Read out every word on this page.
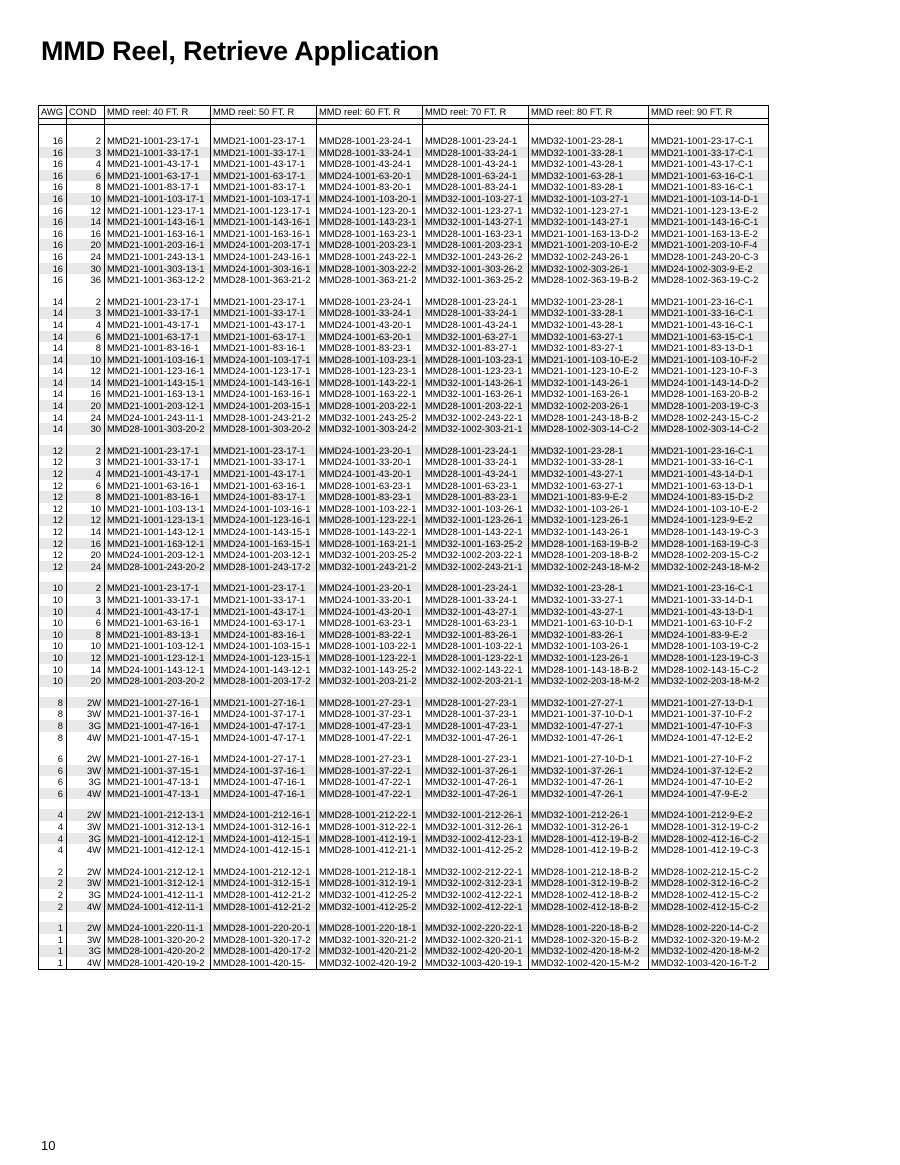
MMD Reel, Retrieve Application
AWG	COND	MMD reel: 40 FT. R	MMD reel: 50 FT. R	MMD reel: 60 FT. R	MMD reel: 70 FT. R	MMD reel: 80 FT. R	MMD reel: 90 FT. R

16	2	MMD21-1001-23-17-1	MMD21-1001-23-17-1	MMD28-1001-23-24-1	MMD28-1001-23-24-1	MMD32-1001-23-28-1	MMD21-1001-23-17-C-1
16	3	MMD21-1001-33-17-1	MMD21-1001-33-17-1	MMD28-1001-33-24-1	MMD28-1001-33-24-1	MMD32-1001-33-28-1	MMD21-1001-33-17-C-1
16	4	MMD21-1001-43-17-1	MMD21-1001-43-17-1	MMD28-1001-43-24-1	MMD28-1001-43-24-1	MMD32-1001-43-28-1	MMD21-1001-43-17-C-1
16	6	MMD21-1001-63-17-1	MMD21-1001-63-17-1	MMD24-1001-63-20-1	MMD28-1001-63-24-1	MMD32-1001-63-28-1	MMD21-1001-63-16-C-1
16	8	MMD21-1001-83-17-1	MMD21-1001-83-17-1	MMD24-1001-83-20-1	MMD28-1001-83-24-1	MMD32-1001-83-28-1	MMD21-1001-83-16-C-1
16	10	MMD21-1001-103-17-1	MMD21-1001-103-17-1	MMD24-1001-103-20-1	MMD32-1001-103-27-1	MMD32-1001-103-27-1	MMD21-1001-103-14-D-1
16	12	MMD21-1001-123-17-1	MMD21-1001-123-17-1	MMD24-1001-123-20-1	MMD32-1001-123-27-1	MMD32-1001-123-27-1	MMD21-1001-123-13-E-2
16	14	MMD21-1001-143-16-1	MMD21-1001-143-16-1	MMD28-1001-143-23-1	MMD32-1001-143-27-1	MMD32-1001-143-27-1	MMD21-1001-143-16-C-1
16	16	MMD21-1001-163-16-1	MMD21-1001-163-16-1	MMD28-1001-163-23-1	MMD28-1001-163-23-1	MMD21-1001-163-13-D-2	MMD21-1001-163-13-E-2
16	20	MMD21-1001-203-16-1	MMD24-1001-203-17-1	MMD28-1001-203-23-1	MMD28-1001-203-23-1	MMD21-1001-203-10-E-2	MMD21-1001-203-10-F-4
16	24	MMD21-1001-243-13-1	MMD24-1001-243-16-1	MMD28-1001-243-22-1	MMD32-1001-243-26-2	MMD32-1002-243-26-1	MMD28-1001-243-20-C-3
16	30	MMD21-1001-303-13-1	MMD24-1001-303-16-1	MMD28-1001-303-22-2	MMD32-1001-303-26-2	MMD32-1002-303-26-1	MMD24-1002-303-9-E-2
16	36	MMD21-1001-363-12-2	MMD28-1001-363-21-2	MMD28-1001-363-21-2	MMD32-1001-363-25-2	MMD28-1002-363-19-B-2	MMD28-1002-363-19-C-2

14	2	MMD21-1001-23-17-1	MMD21-1001-23-17-1	MMD28-1001-23-24-1	MMD28-1001-23-24-1	MMD32-1001-23-28-1	MMD21-1001-23-16-C-1
14	3	MMD21-1001-33-17-1	MMD21-1001-33-17-1	MMD28-1001-33-24-1	MMD28-1001-33-24-1	MMD32-1001-33-28-1	MMD21-1001-33-16-C-1
14	4	MMD21-1001-43-17-1	MMD21-1001-43-17-1	MMD24-1001-43-20-1	MMD28-1001-43-24-1	MMD32-1001-43-28-1	MMD21-1001-43-16-C-1
14	6	MMD21-1001-63-17-1	MMD21-1001-63-17-1	MMD24-1001-63-20-1	MMD32-1001-63-27-1	MMD32-1001-63-27-1	MMD21-1001-63-15-C-1
14	8	MMD21-1001-83-16-1	MMD21-1001-83-16-1	MMD28-1001-83-23-1	MMD32-1001-83-27-1	MMD32-1001-83-27-1	MMD21-1001-83-13-D-1
14	10	MMD21-1001-103-16-1	MMD24-1001-103-17-1	MMD28-1001-103-23-1	MMD28-1001-103-23-1	MMD21-1001-103-10-E-2	MMD21-1001-103-10-F-2
14	12	MMD21-1001-123-16-1	MMD24-1001-123-17-1	MMD28-1001-123-23-1	MMD28-1001-123-23-1	MMD21-1001-123-10-E-2	MMD21-1001-123-10-F-3
14	14	MMD21-1001-143-15-1	MMD24-1001-143-16-1	MMD28-1001-143-22-1	MMD32-1001-143-26-1	MMD32-1001-143-26-1	MMD24-1001-143-14-D-2
14	16	MMD21-1001-163-13-1	MMD24-1001-163-16-1	MMD28-1001-163-22-1	MMD32-1001-163-26-1	MMD32-1001-163-26-1	MMD28-1001-163-20-B-2
14	20	MMD21-1001-203-12-1	MMD24-1001-203-15-1	MMD28-1001-203-22-1	MMD28-1001-203-22-1	MMD32-1002-203-26-1	MMD28-1001-203-19-C-3
14	24	MMD24-1001-243-11-1	MMD28-1001-243-21-2	MMD32-1001-243-25-2	MMD32-1002-243-22-1	MMD28-1001-243-18-B-2	MMD28-1002-243-15-C-2
14	30	MMD28-1001-303-20-2	MMD28-1001-303-20-2	MMD32-1001-303-24-2	MMD32-1002-303-21-1	MMD28-1002-303-14-C-2	MMD28-1002-303-14-C-2

12	2	MMD21-1001-23-17-1	MMD21-1001-23-17-1	MMD24-1001-23-20-1	MMD28-1001-23-24-1	MMD32-1001-23-28-1	MMD21-1001-23-16-C-1
12	3	MMD21-1001-33-17-1	MMD21-1001-33-17-1	MMD24-1001-33-20-1	MMD28-1001-33-24-1	MMD32-1001-33-28-1	MMD21-1001-33-16-C-1
12	4	MMD21-1001-43-17-1	MMD21-1001-43-17-1	MMD24-1001-43-20-1	MMD28-1001-43-24-1	MMD32-1001-43-27-1	MMD21-1001-43-14-D-1
12	6	MMD21-1001-63-16-1	MMD21-1001-63-16-1	MMD28-1001-63-23-1	MMD28-1001-63-23-1	MMD32-1001-63-27-1	MMD21-1001-63-13-D-1
12	8	MMD21-1001-83-16-1	MMD24-1001-83-17-1	MMD28-1001-83-23-1	MMD28-1001-83-23-1	MMD21-1001-83-9-E-2	MMD24-1001-83-15-D-2
12	10	MMD21-1001-103-13-1	MMD24-1001-103-16-1	MMD28-1001-103-22-1	MMD32-1001-103-26-1	MMD32-1001-103-26-1	MMD24-1001-103-10-E-2
12	12	MMD21-1001-123-13-1	MMD24-1001-123-16-1	MMD28-1001-123-22-1	MMD32-1001-123-26-1	MMD32-1001-123-26-1	MMD24-1001-123-9-E-2
12	14	MMD21-1001-143-12-1	MMD24-1001-143-15-1	MMD28-1001-143-22-1	MMD28-1001-143-22-1	MMD32-1001-143-26-1	MMD28-1001-143-19-C-3
12	16	MMD21-1001-163-12-1	MMD24-1001-163-15-1	MMD28-1001-163-21-1	MMD32-1001-163-25-2	MMD28-1001-163-19-B-2	MMD28-1001-163-19-C-3
12	20	MMD24-1001-203-12-1	MMD24-1001-203-12-1	MMD32-1001-203-25-2	MMD32-1002-203-22-1	MMD28-1001-203-18-B-2	MMD28-1002-203-15-C-2
12	24	MMD28-1001-243-20-2	MMD28-1001-243-17-2	MMD32-1001-243-21-2	MMD32-1002-243-21-1	MMD32-1002-243-18-M-2	MMD32-1002-243-18-M-2

10	2	MMD21-1001-23-17-1	MMD21-1001-23-17-1	MMD24-1001-23-20-1	MMD28-1001-23-24-1	MMD32-1001-23-28-1	MMD21-1001-23-16-C-1
10	3	MMD21-1001-33-17-1	MMD21-1001-33-17-1	MMD24-1001-33-20-1	MMD28-1001-33-24-1	MMD32-1001-33-27-1	MMD21-1001-33-14-D-1
10	4	MMD21-1001-43-17-1	MMD21-1001-43-17-1	MMD24-1001-43-20-1	MMD32-1001-43-27-1	MMD32-1001-43-27-1	MMD21-1001-43-13-D-1
10	6	MMD21-1001-63-16-1	MMD24-1001-63-17-1	MMD28-1001-63-23-1	MMD28-1001-63-23-1	MMD21-1001-63-10-D-1	MMD21-1001-63-10-F-2
10	8	MMD21-1001-83-13-1	MMD24-1001-83-16-1	MMD28-1001-83-22-1	MMD32-1001-83-26-1	MMD32-1001-83-26-1	MMD24-1001-83-9-E-2
10	10	MMD21-1001-103-12-1	MMD24-1001-103-15-1	MMD28-1001-103-22-1	MMD28-1001-103-22-1	MMD32-1001-103-26-1	MMD28-1001-103-19-C-2
10	12	MMD21-1001-123-12-1	MMD24-1001-123-15-1	MMD28-1001-123-22-1	MMD28-1001-123-22-1	MMD32-1001-123-26-1	MMD28-1001-123-19-C-3
10	14	MMD24-1001-143-12-1	MMD24-1001-143-12-1	MMD32-1001-143-25-2	MMD32-1002-143-22-1	MMD28-1001-143-18-B-2	MMD28-1002-143-15-C-2
10	20	MMD28-1001-203-20-2	MMD28-1001-203-17-2	MMD32-1001-203-21-2	MMD32-1002-203-21-1	MMD32-1002-203-18-M-2	MMD32-1002-203-18-M-2

8	2W	MMD21-1001-27-16-1	MMD21-1001-27-16-1	MMD28-1001-27-23-1	MMD28-1001-27-23-1	MMD32-1001-27-27-1	MMD21-1001-27-13-D-1
8	3W	MMD21-1001-37-16-1	MMD24-1001-37-17-1	MMD28-1001-37-23-1	MMD28-1001-37-23-1	MMD21-1001-37-10-D-1	MMD21-1001-37-10-F-2
8	3G	MMD21-1001-47-16-1	MMD24-1001-47-17-1	MMD28-1001-47-23-1	MMD28-1001-47-23-1	MMD32-1001-47-27-1	MMD21-1001-47-10-F-3
8	4W	MMD21-1001-47-15-1	MMD24-1001-47-17-1	MMD28-1001-47-22-1	MMD32-1001-47-26-1	MMD32-1001-47-26-1	MMD24-1001-47-12-E-2

6	2W	MMD21-1001-27-16-1	MMD24-1001-27-17-1	MMD28-1001-27-23-1	MMD28-1001-27-23-1	MMD21-1001-27-10-D-1	MMD21-1001-27-10-F-2
6	3W	MMD21-1001-37-15-1	MMD24-1001-37-16-1	MMD28-1001-37-22-1	MMD32-1001-37-26-1	MMD32-1001-37-26-1	MMD24-1001-37-12-E-2
6	3G	MMD21-1001-47-13-1	MMD24-1001-47-16-1	MMD28-1001-47-22-1	MMD32-1001-47-26-1	MMD32-1001-47-26-1	MMD24-1001-47-10-E-2
6	4W	MMD21-1001-47-13-1	MMD24-1001-47-16-1	MMD28-1001-47-22-1	MMD32-1001-47-26-1	MMD32-1001-47-26-1	MMD24-1001-47-9-E-2

4	2W	MMD21-1001-212-13-1	MMD24-1001-212-16-1	MMD28-1001-212-22-1	MMD32-1001-212-26-1	MMD32-1001-212-26-1	MMD24-1001-212-9-E-2
4	3W	MMD21-1001-312-13-1	MMD24-1001-312-16-1	MMD28-1001-312-22-1	MMD32-1001-312-26-1	MMD32-1001-312-26-1	MMD28-1001-312-19-C-2
4	3G	MMD21-1001-412-12-1	MMD24-1001-412-15-1	MMD28-1001-412-19-1	MMD32-1002-412-23-1	MMD28-1001-412-19-B-2	MMD28-1002-412-16-C-2
4	4W	MMD21-1001-412-12-1	MMD24-1001-412-15-1	MMD28-1001-412-21-1	MMD32-1001-412-25-2	MMD28-1001-412-19-B-2	MMD28-1001-412-19-C-3

2	2W	MMD24-1001-212-12-1	MMD24-1001-212-12-1	MMD28-1001-212-18-1	MMD32-1002-212-22-1	MMD28-1001-212-18-B-2	MMD28-1002-212-15-C-2
2	3W	MMD21-1001-312-12-1	MMD24-1001-312-15-1	MMD28-1001-312-19-1	MMD32-1002-312-23-1	MMD28-1001-312-19-B-2	MMD28-1002-312-16-C-2
2	3G	MMD24-1001-412-11-1	MMD28-1001-412-21-2	MMD32-1001-412-25-2	MMD32-1002-412-22-1	MMD28-1002-412-18-B-2	MMD28-1002-412-15-C-2
2	4W	MMD24-1001-412-11-1	MMD28-1001-412-21-2	MMD32-1001-412-25-2	MMD32-1002-412-22-1	MMD28-1002-412-18-B-2	MMD28-1002-412-15-C-2

1	2W	MMD24-1001-220-11-1	MMD28-1001-220-20-1	MMD28-1001-220-18-1	MMD32-1002-220-22-1	MMD28-1001-220-18-B-2	MMD28-1002-220-14-C-2
1	3W	MMD28-1001-320-20-2	MMD28-1001-320-17-2	MMD32-1001-320-21-2	MMD32-1002-320-21-1	MMD28-1002-320-15-B-2	MMD32-1002-320-19-M-2
1	3G	MMD28-1001-420-20-2	MMD28-1001-420-17-2	MMD32-1001-420-21-2	MMD32-1002-420-20-1	MMD32-1002-420-18-M-2	MMD32-1002-420-18-M-2
1	4W	MMD28-1001-420-19-2	MMD28-1001-420-15-	MMD32-1002-420-19-2	MMD32-1003-420-19-1	MMD32-1002-420-15-M-2	MMD32-1003-420-16-T-2
10
